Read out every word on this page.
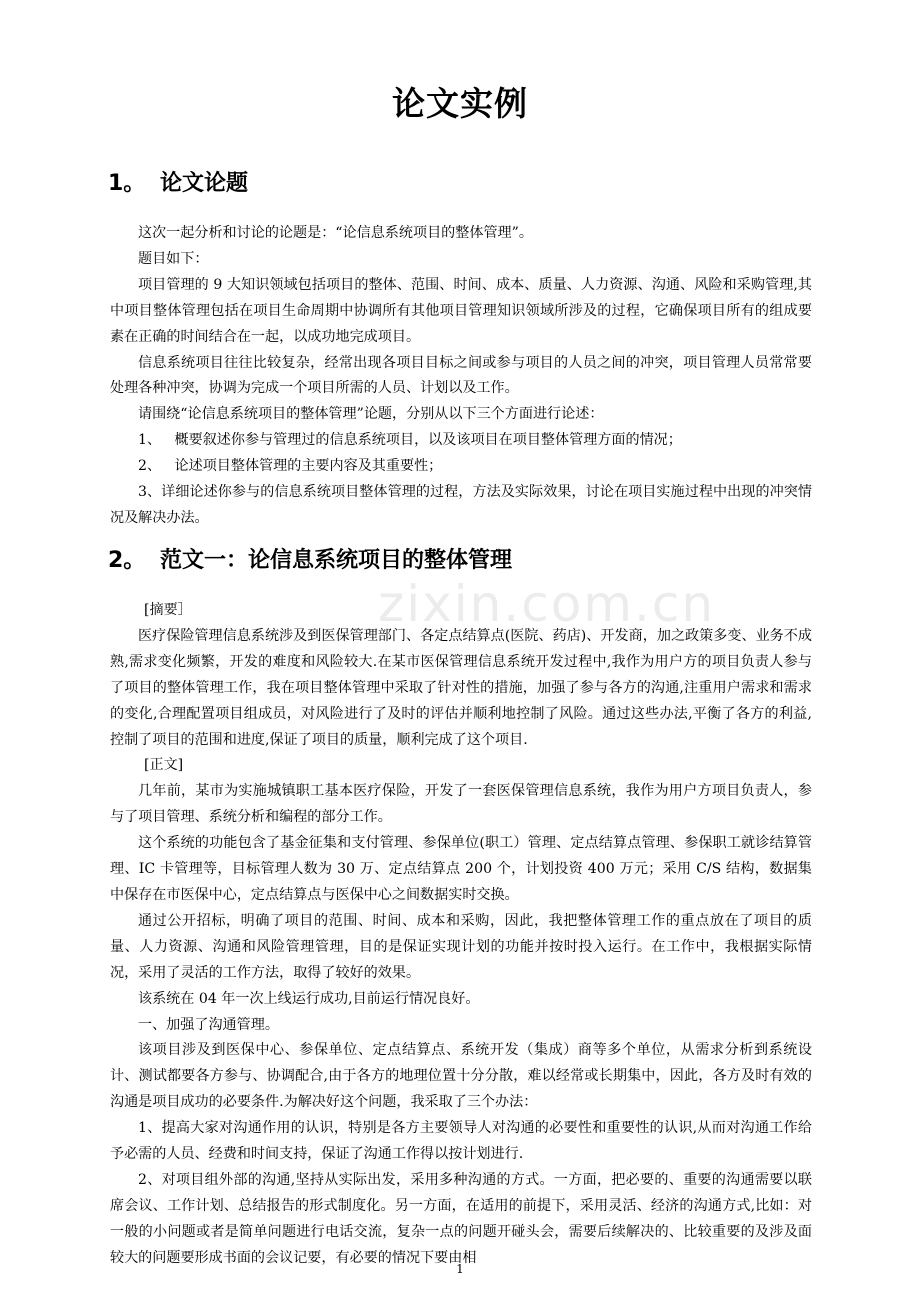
zixin.com.cn
论文实例
1。 论文论题

这次一起分析和讨论的论题是：“论信息系统项目的整体管理”。

题目如下：

项目管理的 9 大知识领域包括项目的整体、范围、时间、成本、质量、人力资源、沟通、风险和采购管理,其中项目整体管理包括在项目生命周期中协调所有其他项目管理知识领域所涉及的过程，它确保项目所有的组成要素在正确的时间结合在一起，以成功地完成项目。

信息系统项目往往比较复杂，经常出现各项目目标之间或参与项目的人员之间的冲突，项目管理人员常常要处理各种冲突，协调为完成一个项目所需的人员、计划以及工作。

请围绕“论信息系统项目的整体管理”论题，分别从以下三个方面进行论述：

1、   概要叙述你参与管理过的信息系统项目，以及该项目在项目整体管理方面的情况；

2、   论述项目整体管理的主要内容及其重要性；

3、详细论述你参与的信息系统项目整体管理的过程，方法及实际效果，讨论在项目实施过程中出现的冲突情况及解决办法。

2。 范文一：论信息系统项目的整体管理

[摘要］

医疗保险管理信息系统涉及到医保管理部门、各定点结算点(医院、药店)、开发商，加之政策多变、业务不成熟,需求变化频繁，开发的难度和风险较大.在某市医保管理信息系统开发过程中,我作为用户方的项目负责人参与了项目的整体管理工作，我在项目整体管理中采取了针对性的措施，加强了参与各方的沟通,注重用户需求和需求的变化,合理配置项目组成员，对风险进行了及时的评估并顺利地控制了风险。通过这些办法,平衡了各方的利益,控制了项目的范围和进度,保证了项目的质量，顺利完成了这个项目.

[正文]

几年前，某市为实施城镇职工基本医疗保险，开发了一套医保管理信息系统，我作为用户方项目负责人，参与了项目管理、系统分析和编程的部分工作。

这个系统的功能包含了基金征集和支付管理、参保单位(职工）管理、定点结算点管理、参保职工就诊结算管理、IC 卡管理等，目标管理人数为 30 万、定点结算点 200 个，计划投资 400 万元；采用 C/S 结构，数据集中保存在市医保中心，定点结算点与医保中心之间数据实时交换。

通过公开招标，明确了项目的范围、时间、成本和采购，因此，我把整体管理工作的重点放在了项目的质量、人力资源、沟通和风险管理管理，目的是保证实现计划的功能并按时投入运行。在工作中，我根据实际情况，采用了灵活的工作方法，取得了较好的效果。

该系统在 04 年一次上线运行成功,目前运行情况良好。

一、加强了沟通管理。

该项目涉及到医保中心、参保单位、定点结算点、系统开发（集成）商等多个单位，从需求分析到系统设计、测试都要各方参与、协调配合,由于各方的地理位置十分分散，难以经常或长期集中，因此，各方及时有效的沟通是项目成功的必要条件.为解决好这个问题，我采取了三个办法：

1、提高大家对沟通作用的认识，特别是各方主要领导人对沟通的必要性和重要性的认识,从而对沟通工作给予必需的人员、经费和时间支持，保证了沟通工作得以按计划进行.

2、对项目组外部的沟通,坚持从实际出发，采用多种沟通的方式。一方面，把必要的、重要的沟通需要以联席会议、工作计划、总结报告的形式制度化。另一方面，在适用的前提下，采用灵活、经济的沟通方式,比如：对一般的小问题或者是简单问题进行电话交流，复杂一点的问题开碰头会，需要后续解决的、比较重要的及涉及面较大的问题要形成书面的会议记要，有必要的情况下要由相

1
